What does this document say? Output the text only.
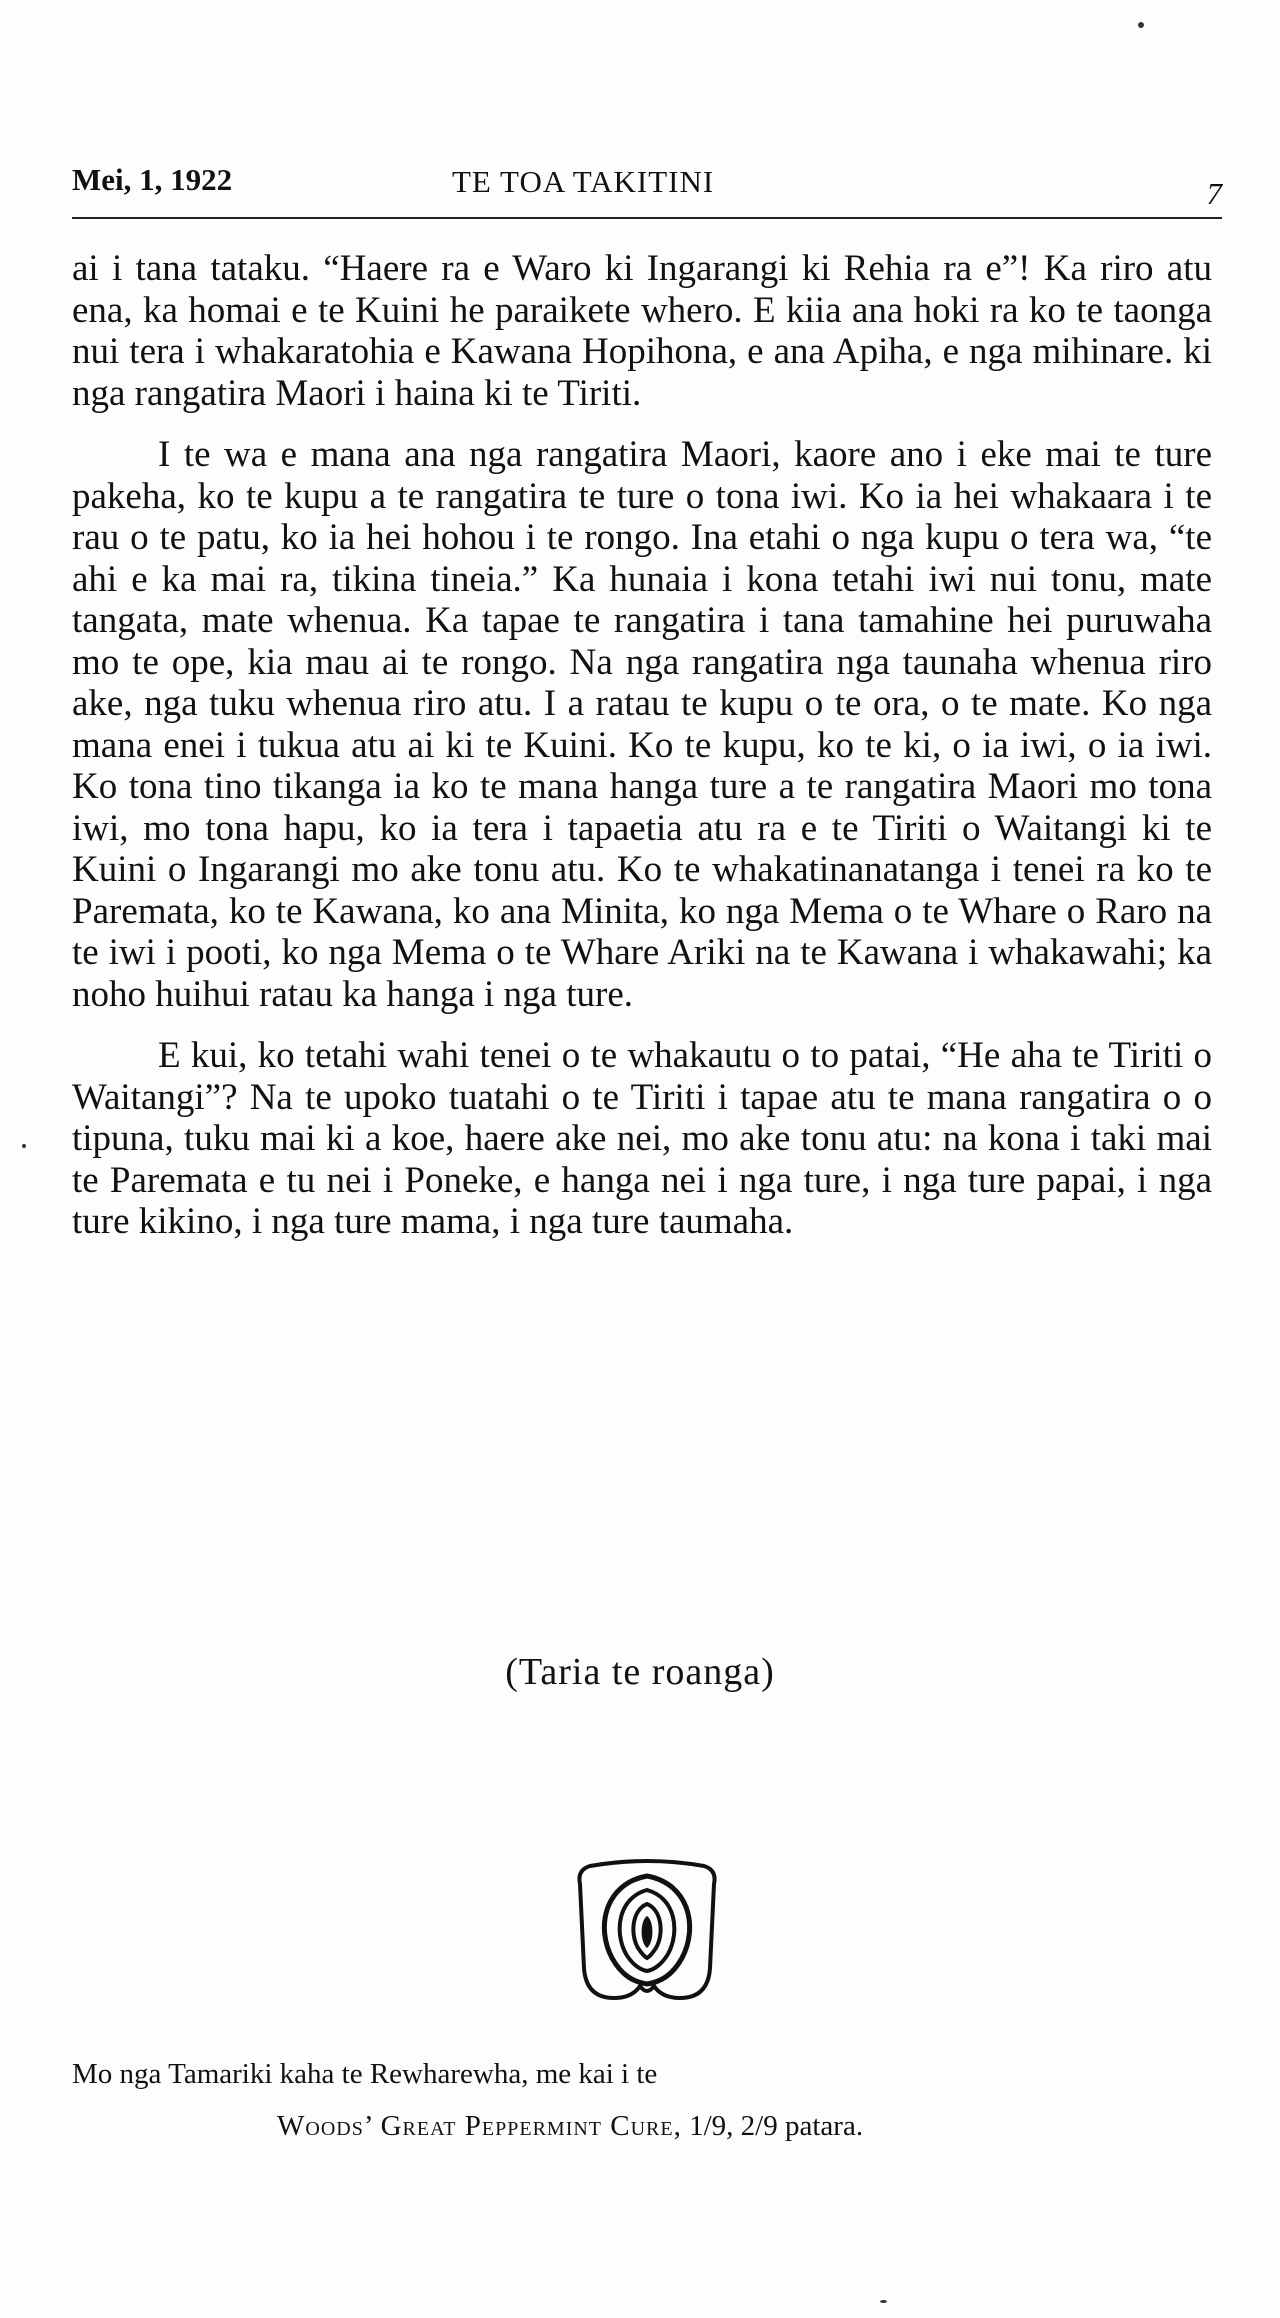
Mei, 1, 1922	TE TOA TAKITINI	7

ai i tana tataku. “Haere ra e Waro ki Ingarangi ki Rehia ra e”! Ka riro atu ena, ka homai e te Kuini he paraikete whero. E kiia ana hoki ra ko te taonga nui tera i whakaratohia e Kawana Hopihona, e ana Apiha, e nga mihinare. ki nga rangatira Maori i haina ki te Tiriti.

I te wa e mana ana nga rangatira Maori, kaore ano i eke mai te ture pakeha, ko te kupu a te rangatira te ture o tona iwi. Ko ia hei whakaara i te rau o te patu, ko ia hei hohou i te rongo. Ina etahi o nga kupu o tera wa, “te ahi e ka mai ra, tikina tineia.” Ka hunaia i kona tetahi iwi nui tonu, mate tangata, mate whenua. Ka tapae te rangatira i tana tamahine hei puruwaha mo te ope, kia mau ai te rongo. Na nga rangatira nga taunaha whenua riro ake, nga tuku whenua riro atu. I a ratau te kupu o te ora, o te mate. Ko nga mana enei i tukua atu ai ki te Kuini. Ko te kupu, ko te ki, o ia iwi, o ia iwi. Ko tona tino tikanga ia ko te mana hanga ture a te rangatira Maori mo tona iwi, mo tona hapu, ko ia tera i tapaetia atu ra e te Tiriti o Waitangi ki te Kuini o Ingarangi mo ake tonu atu. Ko te whakatinanatanga i tenei ra ko te Paremata, ko te Kawana, ko ana Minita, ko nga Mema o te Whare o Raro na te iwi i pooti, ko nga Mema o te Whare Ariki na te Kawana i whakawahi; ka noho huihui ratau ka hanga i nga ture.

E kui, ko tetahi wahi tenei o te whakautu o to patai, “He aha te Tiriti o Waitangi”? Na te upoko tuatahi o te Tiriti i tapae atu te mana rangatira o o tipuna, tuku mai ki a koe, haere ake nei, mo ake tonu atu: na kona i taki mai te Paremata e tu nei i Poneke, e hanga nei i nga ture, i nga ture papai, i nga ture kikino, i nga ture mama, i nga ture taumaha.

(Taria te roanga)
Mo nga Tamariki kaha te Rewharewha, me kai i te
Woods’ Great Peppermint Cure, 1/9, 2/9 patara.
